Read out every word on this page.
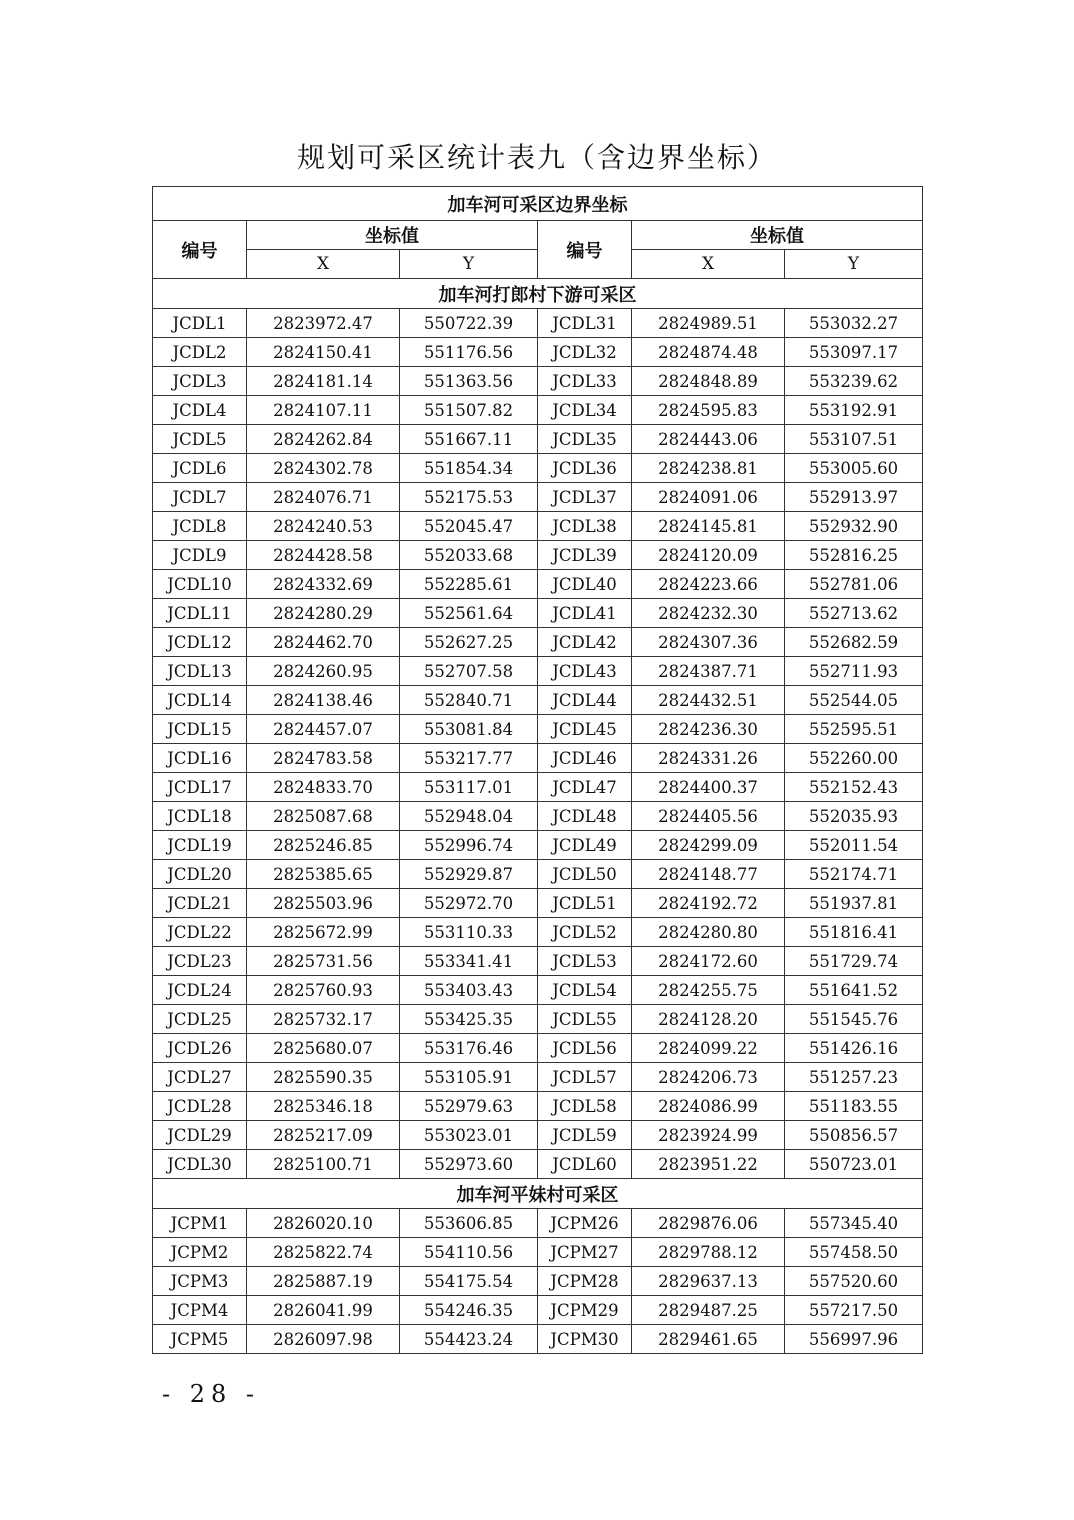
规划可采区统计表九（含边界坐标）
加车河可采区边界坐标					
编号	坐标值		编号	坐标值	
	X	Y		X	Y
加车河打郎村下游可采区					
JCDL1	2823972.47	550722.39	JCDL31	2824989.51	553032.27
JCDL2	2824150.41	551176.56	JCDL32	2824874.48	553097.17
JCDL3	2824181.14	551363.56	JCDL33	2824848.89	553239.62
JCDL4	2824107.11	551507.82	JCDL34	2824595.83	553192.91
JCDL5	2824262.84	551667.11	JCDL35	2824443.06	553107.51
JCDL6	2824302.78	551854.34	JCDL36	2824238.81	553005.60
JCDL7	2824076.71	552175.53	JCDL37	2824091.06	552913.97
JCDL8	2824240.53	552045.47	JCDL38	2824145.81	552932.90
JCDL9	2824428.58	552033.68	JCDL39	2824120.09	552816.25
JCDL10	2824332.69	552285.61	JCDL40	2824223.66	552781.06
JCDL11	2824280.29	552561.64	JCDL41	2824232.30	552713.62
JCDL12	2824462.70	552627.25	JCDL42	2824307.36	552682.59
JCDL13	2824260.95	552707.58	JCDL43	2824387.71	552711.93
JCDL14	2824138.46	552840.71	JCDL44	2824432.51	552544.05
JCDL15	2824457.07	553081.84	JCDL45	2824236.30	552595.51
JCDL16	2824783.58	553217.77	JCDL46	2824331.26	552260.00
JCDL17	2824833.70	553117.01	JCDL47	2824400.37	552152.43
JCDL18	2825087.68	552948.04	JCDL48	2824405.56	552035.93
JCDL19	2825246.85	552996.74	JCDL49	2824299.09	552011.54
JCDL20	2825385.65	552929.87	JCDL50	2824148.77	552174.71
JCDL21	2825503.96	552972.70	JCDL51	2824192.72	551937.81
JCDL22	2825672.99	553110.33	JCDL52	2824280.80	551816.41
JCDL23	2825731.56	553341.41	JCDL53	2824172.60	551729.74
JCDL24	2825760.93	553403.43	JCDL54	2824255.75	551641.52
JCDL25	2825732.17	553425.35	JCDL55	2824128.20	551545.76
JCDL26	2825680.07	553176.46	JCDL56	2824099.22	551426.16
JCDL27	2825590.35	553105.91	JCDL57	2824206.73	551257.23
JCDL28	2825346.18	552979.63	JCDL58	2824086.99	551183.55
JCDL29	2825217.09	553023.01	JCDL59	2823924.99	550856.57
JCDL30	2825100.71	552973.60	JCDL60	2823951.22	550723.01
加车河平妹村可采区					
JCPM1	2826020.10	553606.85	JCPM26	2829876.06	557345.40
JCPM2	2825822.74	554110.56	JCPM27	2829788.12	557458.50
JCPM3	2825887.19	554175.54	JCPM28	2829637.13	557520.60
JCPM4	2826041.99	554246.35	JCPM29	2829487.25	557217.50
JCPM5	2826097.98	554423.24	JCPM30	2829461.65	556997.96
- 28 -
